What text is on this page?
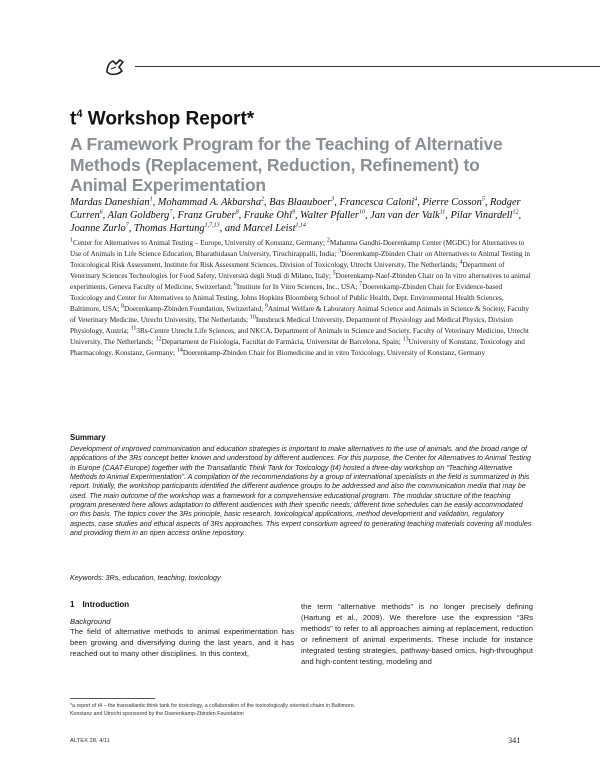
$t^4$ Workshop Report*
A Framework Program for the Teaching of Alternative Methods (Replacement, Reduction, Refinement) to Animal Experimentation

Mardas Daneshian$^1$, Mohammad A. Akbarsha$^2$, Bas Blaauboer$^3$, Francesca Caloni$^4$, Pierre Cosson$^5$, Rodger Curren$^6$, Alan Goldberg$^7$, Franz Gruber$^8$, Frauke Ohl$^9$, Walter Pfaller$^{10}$, Jan van der Valk$^{11}$, Pilar Vinardell$^{12}$, Joanne Zurlo$^7$, Thomas Hartung$^{1,7,13}$, and Marcel Leist$^{1,14}$

$^1$Center for Alternatives to Animal Testing – Europe, University of Konstanz, Germany; $^2$Mahatma Gandhi-Doerenkamp Center (MGDC) for Alternatives to Use of Animals in Life Science Education, Bharathidasan University, Tiruchirappalli, India; $^3$Doerenkamp-Zbinden Chair on Alternatives to Animal Testing in Toxicological Risk Assessment, Institute for Risk Assessment Sciences, Division of Toxicology, Utrecht University, The Netherlands; $^4$Department of Veterinary Sciences Technologies for Food Safety, Università degli Studi di Milano, Italy; $^5$Doerenkamp-Naef-Zbinden Chair on In vitro alternatives to animal experiments, Geneva Faculty of Medicine, Switzerland; $^6$Institute for In Vitro Sciences, Inc., USA; $^7$Doerenkamp-Zbinden Chair for Evidence-based Toxicology and Center for Alternatives to Animal Testing, Johns Hopkins Bloomberg School of Public Health, Dept. Environmental Health Sciences, Baltimore, USA; $^8$Doerenkamp-Zbinden Foundation, Switzerland; $^9$Animal Welfare & Laboratory Animal Science and Animals in Science & Society, Faculty of Veterinary Medicine, Utrecht University, The Netherlands; $^{10}$Innsbruck Medical University, Department of Physiology and Medical Physics, Division Physiology, Austria; $^{11}$3Rs-Centre Utrecht Life Sciences, and NKCA, Department of Animals in Science and Society, Faculty of Veterinary Medicine, Utrecht University, The Netherlands; $^{12}$Departament de Fisiologia, Facultat de Farmàcia, Universitat de Barcelona, Spain; $^{13}$University of Konstanz, Toxicology and Pharmacology, Konstanz, Germany; $^{14}$Doerenkamp-Zbinden Chair for Biomedicine and in vitro Toxicology, University of Konstanz, Germany

Summary

Development of improved communication and education strategies is important to make alternatives to the use of animals, and the broad range of applications of the 3Rs concept better known and understood by different audiences. For this purpose, the Center for Alternatives to Animal Testing in Europe (CAAT-Europe) together with the Transatlantic Think Tank for Toxicology (t4) hosted a three-day workshop on “Teaching Alternative Methods to Animal Experimentation”. A compilation of the recommendations by a group of international specialists in the field is summarized in this report. Initially, the workshop participants identified the different audience groups to be addressed and also the communication media that may be used. The main outcome of the workshop was a framework for a comprehensive educational program. The modular structure of the teaching program presented here allows adaptation to different audiences with their specific needs; different time schedules can be easily accommodated on this basis. The topics cover the 3Rs principle, basic research, toxicological applications, method development and validation, regulatory aspects, case studies and ethical aspects of 3Rs approaches. This expert consortium agreed to generating teaching materials covering all modules and providing them in an open access online repository.

Keywords: 3Rs, education, teaching, toxicology

1 Introduction
Background

The field of alternative methods to animal experimentation has been growing and diversifying during the last years, and it has reached out to many other disciplines. In this context,

the term “alternative methods” is no longer precisely defining (Hartung et al., 2009). We therefore use the expression “3Rs methods” to refer to all approaches aiming at replacement, reduction or refinement of animal experiments. These include for instance integrated testing strategies, pathway-based omics, high-throughput and high-content testing, modeling and

*a report of t4 – the transatlantic think tank for toxicology, a collaboration of the toxicologically oriented chairs in Baltimore, Konstanz and Utrecht sponsored by the Doerenkamp-Zbinden Foundation

ALTEX 28, 4/11	341
